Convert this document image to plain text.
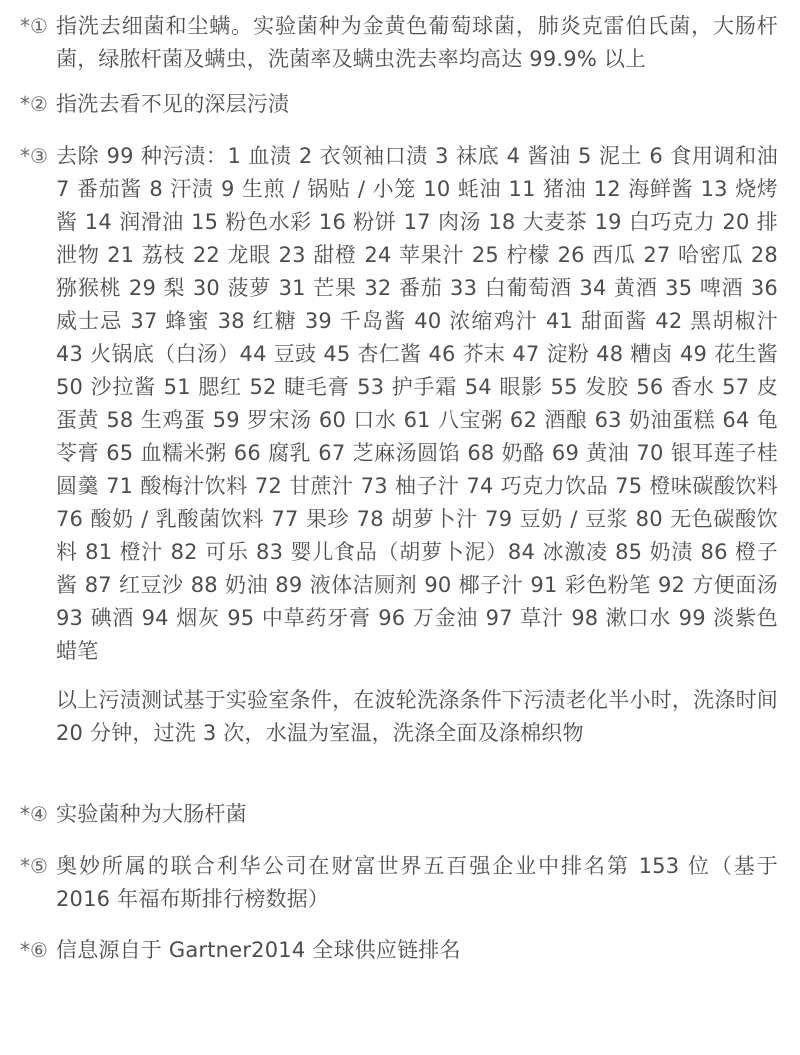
*① 指洗去细菌和尘螨。实验菌种为金黄色葡萄球菌，肺炎克雷伯氏菌，大肠杆菌，绿脓杆菌及螨虫，洗菌率及螨虫洗去率均高达 99.9% 以上

*② 指洗去看不见的深层污渍

*③ 去除 99 种污渍：1 血渍 2 衣领袖口渍 3 袜底 4 酱油 5 泥土 6 食用调和油 7 番茄酱 8 汗渍 9 生煎 / 锅贴 / 小笼 10 蚝油 11 猪油 12 海鲜酱 13 烧烤酱 14 润滑油 15 粉色水彩 16 粉饼 17 肉汤 18 大麦茶 19 白巧克力 20 排泄物 21 荔枝 22 龙眼 23 甜橙 24 苹果汁 25 柠檬 26 西瓜 27 哈密瓜 28 猕猴桃 29 梨 30 菠萝 31 芒果 32 番茄 33 白葡萄酒 34 黄酒 35 啤酒 36 威士忌 37 蜂蜜 38 红糖 39 千岛酱 40 浓缩鸡汁 41 甜面酱 42 黑胡椒汁 43 火锅底（白汤）44 豆豉 45 杏仁酱 46 芥末 47 淀粉 48 糟卤 49 花生酱 50 沙拉酱 51 腮红 52 睫毛膏 53 护手霜 54 眼影 55 发胶 56 香水 57 皮蛋黄 58 生鸡蛋 59 罗宋汤 60 口水 61 八宝粥 62 酒酿 63 奶油蛋糕 64 龟苓膏 65 血糯米粥 66 腐乳 67 芝麻汤圆馅 68 奶酪 69 黄油 70 银耳莲子桂圆羹 71 酸梅汁饮料 72 甘蔗汁 73 柚子汁 74 巧克力饮品 75 橙味碳酸饮料 76 酸奶 / 乳酸菌饮料 77 果珍 78 胡萝卜汁 79 豆奶 / 豆浆 80 无色碳酸饮料 81 橙汁 82 可乐 83 婴儿食品（胡萝卜泥）84 冰激凌 85 奶渍 86 橙子酱 87 红豆沙 88 奶油 89 液体洁厕剂 90 椰子汁 91 彩色粉笔 92 方便面汤 93 碘酒 94 烟灰 95 中草药牙膏 96 万金油 97 草汁 98 漱口水 99 淡紫色蜡笔

以上污渍测试基于实验室条件，在波轮洗涤条件下污渍老化半小时，洗涤时间 20 分钟，过洗 3 次，水温为室温，洗涤全面及涤棉织物

*④ 实验菌种为大肠杆菌

*⑤ 奥妙所属的联合利华公司在财富世界五百强企业中排名第 153 位（基于 2016 年福布斯排行榜数据）

*⑥ 信息源自于 Gartner2014 全球供应链排名
